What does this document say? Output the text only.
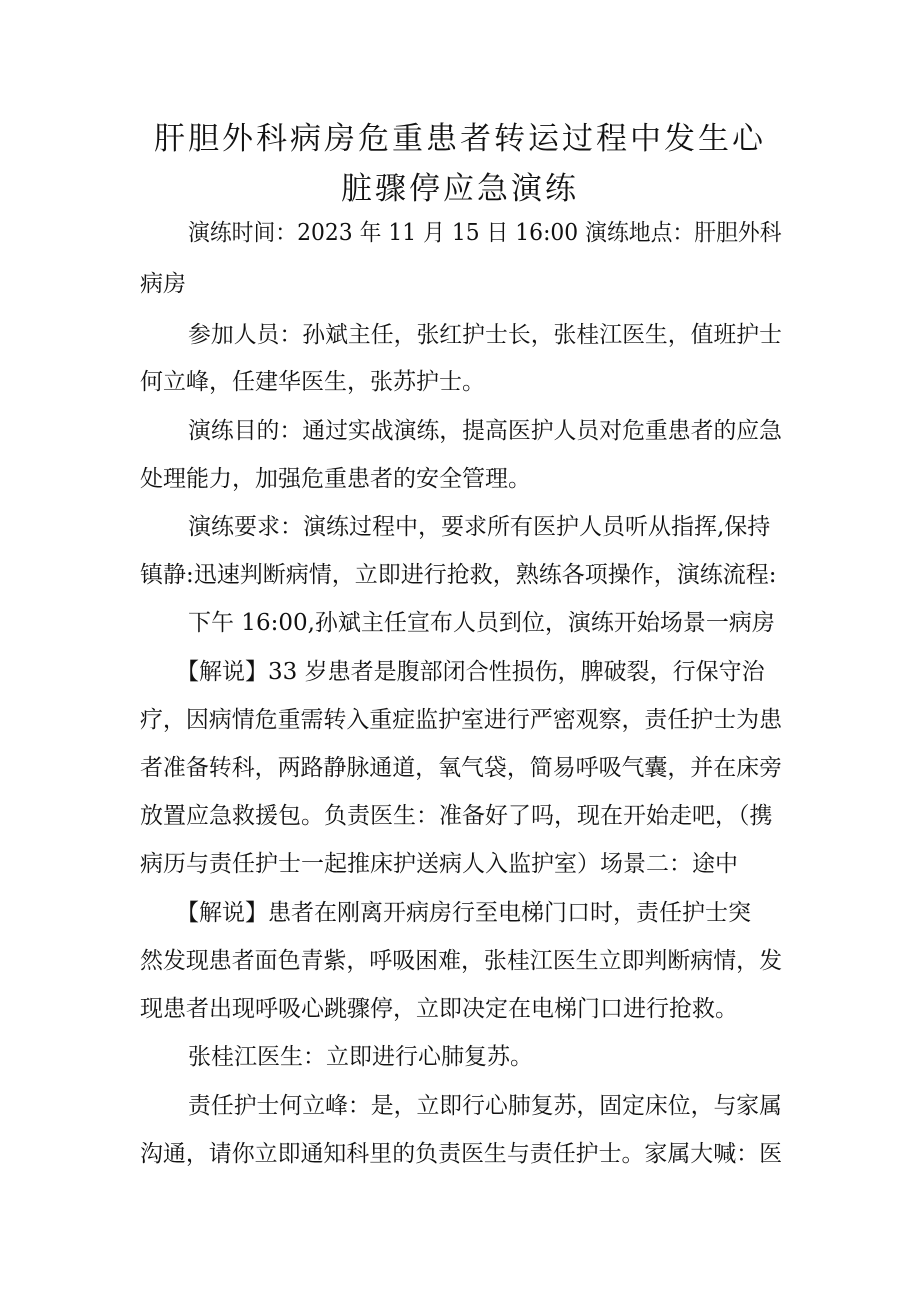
肝胆外科病房危重患者转运过程中发生心
脏骤停应急演练
演练时间：2023 年 11 月 15 日 16:00 演练地点：肝胆外科
病房
参加人员：孙斌主任，张红护士长，张桂江医生，值班护士
何立峰，任建华医生，张苏护士。
演练目的：通过实战演练，提高医护人员对危重患者的应急
处理能力，加强危重患者的安全管理。
演练要求：演练过程中，要求所有医护人员听从指挥,保持
镇静:迅速判断病情，立即进行抢救，熟练各项操作，演练流程:
下午 16:00,孙斌主任宣布人员到位，演练开始场景一病房
【解说】33 岁患者是腹部闭合性损伤，脾破裂，行保守治
疗，因病情危重需转入重症监护室进行严密观察，责任护士为患
者准备转科，两路静脉通道，氧气袋，简易呼吸气囊，并在床旁
放置应急救援包。负责医生：准备好了吗，现在开始走吧，（携
病历与责任护士一起推床护送病人入监护室）场景二：途中
【解说】患者在刚离开病房行至电梯门口时，责任护士突
然发现患者面色青紫，呼吸困难，张桂江医生立即判断病情，发
现患者出现呼吸心跳骤停，立即决定在电梯门口进行抢救。
张桂江医生：立即进行心肺复苏。
责任护士何立峰：是，立即行心肺复苏，固定床位，与家属
沟通，请你立即通知科里的负责医生与责任护士。家属大喊：医
